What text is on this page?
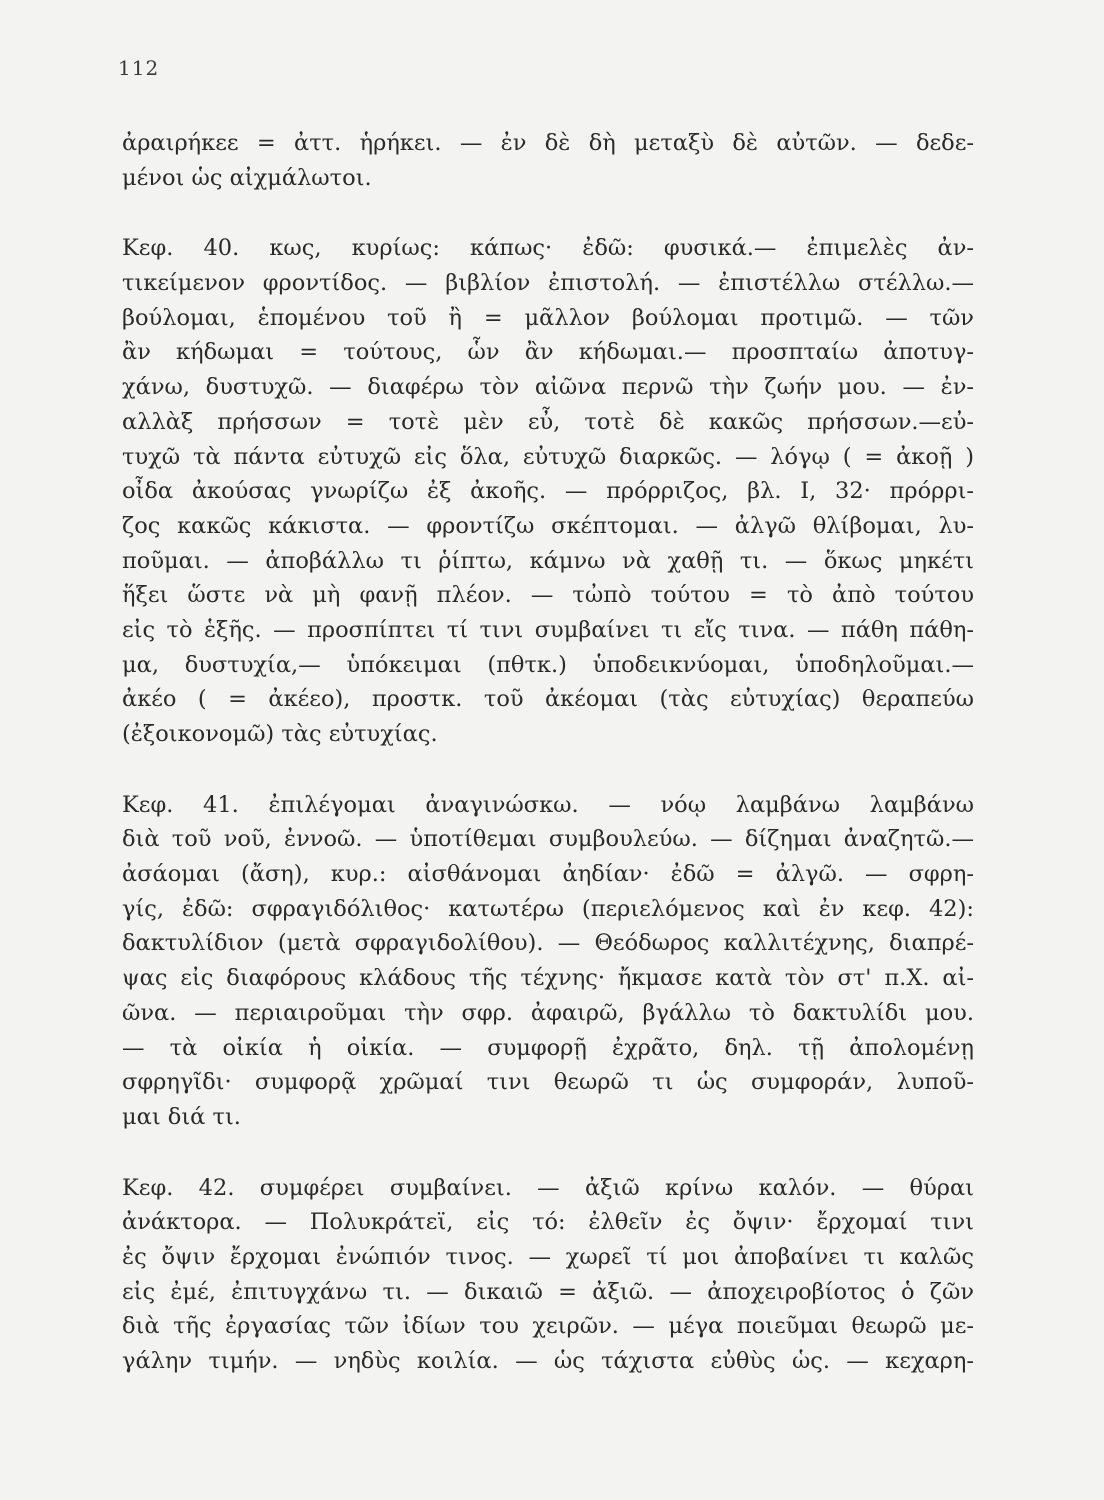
112
ἀραιρήκεε = ἀττ. ἡρήκει. — ἐν δὲ δὴ μεταξὺ δὲ αὐτῶν. — δεδε-
μένοι ὡς αἰχμάλωτοι.
Κεφ. 40. κως, κυρίως: κάπως· ἐδῶ: φυσικά.— ἐπιμελὲς ἀν-
τικείμενον φροντίδος. — βιβλίον ἐπιστολή. — ἐπιστέλλω στέλλω.—
βούλομαι, ἑπομένου τοῦ ἢ = μᾶλλον βούλομαι προτιμῶ. — τῶν
ἂν κήδωμαι = τούτους, ὧν ἂν κήδωμαι.— προσπταίω ἀποτυγ-
χάνω, δυστυχῶ. — διαφέρω τὸν αἰῶνα περνῶ τὴν ζωήν μου. — ἐν-
αλλὰξ πρήσσων = τοτὲ μὲν εὖ, τοτὲ δὲ κακῶς πρήσσων.—εὐ-
τυχῶ τὰ πάντα εὐτυχῶ εἰς ὅλα, εὐτυχῶ διαρκῶς. — λόγῳ ( = ἀκοῇ )
οἶδα ἀκούσας γνωρίζω ἐξ ἀκοῆς. — πρόρριζος, βλ. I, 32· πρόρρι-
ζος κακῶς κάκιστα. — φροντίζω σκέπτομαι. — ἀλγῶ θλίβομαι, λυ-
ποῦμαι. — ἀποβάλλω τι ῥίπτω, κάμνω νὰ χαθῇ τι. — ὅκως μηκέτι
ἥξει ὥστε νὰ μὴ φανῇ πλέον. — τὠπὸ τούτου = τὸ ἀπὸ τούτου
εἰς τὸ ἑξῆς. — προσπίπτει τί τινι συμβαίνει τι εἴς τινα. — πάθη πάθη-
μα, δυστυχία,— ὑπόκειμαι (πθτκ.) ὑποδεικνύομαι, ὑποδηλοῦμαι.—
ἀκέο ( = ἀκέεο), προστκ. τοῦ ἀκέομαι (τὰς εὐτυχίας) θεραπεύω
(ἐξοικονομῶ) τὰς εὐτυχίας.
Κεφ. 41. ἐπιλέγομαι ἀναγινώσκω. — νόῳ λαμβάνω λαμβάνω
διὰ τοῦ νοῦ, ἐννοῶ. — ὑποτίθεμαι συμβουλεύω. — δίζημαι ἀναζητῶ.—
ἀσάομαι (ἄση), κυρ.: αἰσθάνομαι ἀηδίαν· ἐδῶ = ἀλγῶ. — σφρη-
γίς, ἐδῶ: σφραγιδόλιθος· κατωτέρω (περιελόμενος καὶ ἐν κεφ. 42):
δακτυλίδιον (μετὰ σφραγιδολίθου). — Θεόδωρος καλλιτέχνης, διαπρέ-
ψας εἰς διαφόρους κλάδους τῆς τέχνης· ἤκμασε κατὰ τὸν στ' π.Χ. αἰ-
ῶνα. — περιαιροῦμαι τὴν σφρ. ἀφαιρῶ, βγάλλω τὸ δακτυλίδι μου.
— τὰ οἰκία ἡ οἰκία. — συμφορῇ ἐχρᾶτο, δηλ. τῇ ἀπολομένῃ
σφρηγῖδι· συμφορᾷ χρῶμαί τινι θεωρῶ τι ὡς συμφοράν, λυποῦ-
μαι διά τι.
Κεφ. 42. συμφέρει συμβαίνει. — ἀξιῶ κρίνω καλόν. — θύραι
ἀνάκτορα. — Πολυκράτεϊ, εἰς τό: ἐλθεῖν ἐς ὄψιν· ἔρχομαί τινι
ἐς ὄψιν ἔρχομαι ἐνώπιόν τινος. — χωρεῖ τί μοι ἀποβαίνει τι καλῶς
εἰς ἐμέ, ἐπιτυγχάνω τι. — δικαιῶ = ἀξιῶ. — ἀποχειροβίοτος ὁ ζῶν
διὰ τῆς ἐργασίας τῶν ἰδίων του χειρῶν. — μέγα ποιεῦμαι θεωρῶ με-
γάλην τιμήν. — νηδὺς κοιλία. — ὡς τάχιστα εὐθὺς ὡς. — κεχαρη-
